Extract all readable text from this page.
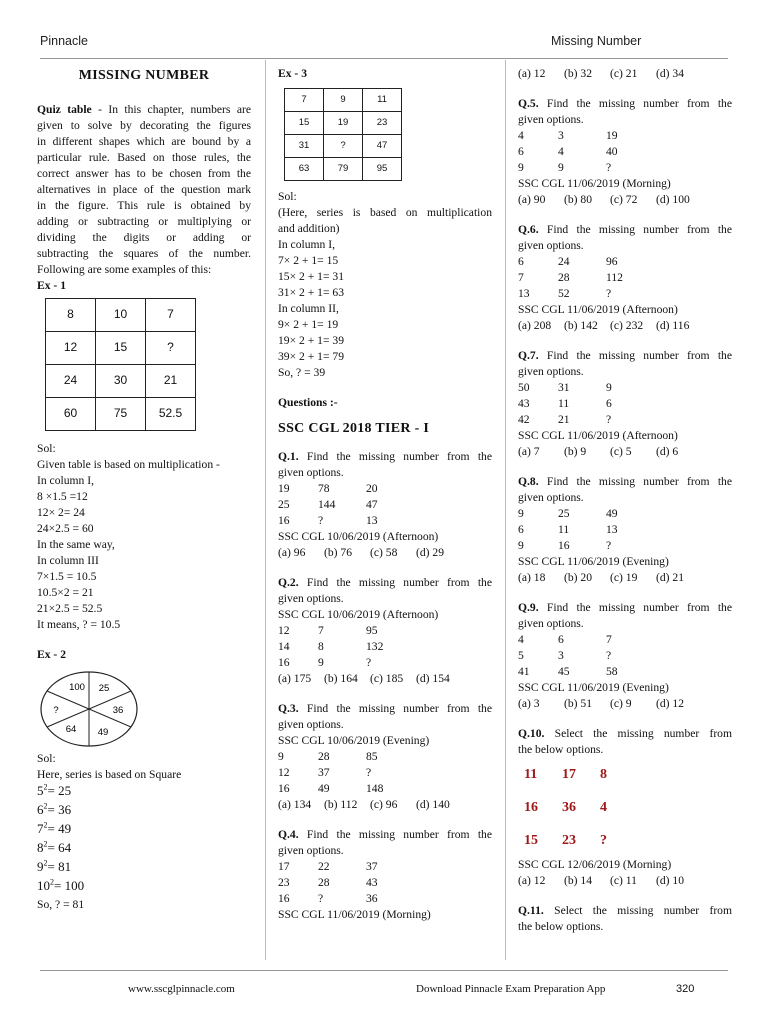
Pinnacle	Missing Number
MISSING NUMBER
Quiz table - In this chapter, numbers are
given to solve by decorating the figures
in different shapes which are bound by a
particular rule. Based on those rules, the
correct answer has to be chosen from the
alternatives in place of the question mark
in the figure. This rule is obtained by
adding or subtracting or multiplying or
dividing the digits or adding or
subtracting the squares of the number.
Following are some examples of this:
Ex - 1
8	10	7
12	15	?
24	30	21
60	75	52.5
Sol:
Given table is based on multiplication -
In column I,
8 ×1.5 =12
12× 2= 24
24×2.5 = 60
In the same way,
In column III
7×1.5 = 10.5
10.5×2 = 21
21×2.5 = 52.5
It means, ? = 10.5
Ex - 2
100 25
36
49
64
?
Sol:
Here, series is based on Square
$5^2= 25$
$6^2= 36$
$7^2= 49$
$8^2= 64$
$9^2= 81$
$10^2= 100$
So, ? = 81
Ex - 3
7	9	11
15	19	23
31	?	47
63	79	95
Sol:
(Here, series is based on multiplication
and addition)
In column I,
7× 2 + 1= 15
15× 2 + 1= 31
31× 2 + 1= 63
In column II,
9× 2 + 1= 19
19× 2 + 1= 39
39× 2 + 1= 79
So, ? = 39
Questions :-
SSC CGL 2018 TIER - I
Q.1. Find the missing number from the
given options.
19	78	20
25	144	47
16	?	13
SSC CGL 10/06/2019 (Afternoon)
(a) 96	(b) 76	(c) 58	(d) 29
Q.2. Find the missing number from the
given options.
SSC CGL 10/06/2019 (Afternoon)
12	7	95
14	8	132
16	9	?
(a) 175	(b) 164	(c) 185	(d) 154
Q.3. Find the missing number from the
given options.
SSC CGL 10/06/2019 (Evening)
9	28	85
12	37	?
16	49	148
(a) 134	(b) 112	(c) 96	(d) 140
Q.4. Find the missing number from the
given options.
17	22	37
23	28	43
16	?	36
SSC CGL 11/06/2019 (Morning)
(a) 12	(b) 32	(c) 21	(d) 34
Q.5. Find the missing number from the
given options.
4	3	19
6	4	40
9	9	?
SSC CGL 11/06/2019 (Morning)
(a) 90	(b) 80	(c) 72	(d) 100
Q.6. Find the missing number from the
given options.
6	24	96
7	28	112
13	52	?
SSC CGL 11/06/2019 (Afternoon)
(a) 208	(b) 142	(c) 232	(d) 116
Q.7. Find the missing number from the
given options.
50	31	9
43	11	6
42	21	?
SSC CGL 11/06/2019 (Afternoon)
(a) 7	(b) 9	(c) 5	(d) 6
Q.8. Find the missing number from the
given options.
9	25	49
6	11	13
9	16	?
SSC CGL 11/06/2019 (Evening)
(a) 18	(b) 20	(c) 19	(d) 21
Q.9. Find the missing number from the
given options.
4	6	7
5	3	?
41	45	58
SSC CGL 11/06/2019 (Evening)
(a) 3	(b) 51	(c) 9	(d) 12
Q.10. Select the missing number from
the below options.
11	17	8
16	36	4
15	23	?
SSC CGL 12/06/2019 (Morning)
(a) 12	(b) 14	(c) 11	(d) 10
Q.11. Select the missing number from
the below options.
www.sscglpinnacle.com	Download Pinnacle Exam Preparation App	320
